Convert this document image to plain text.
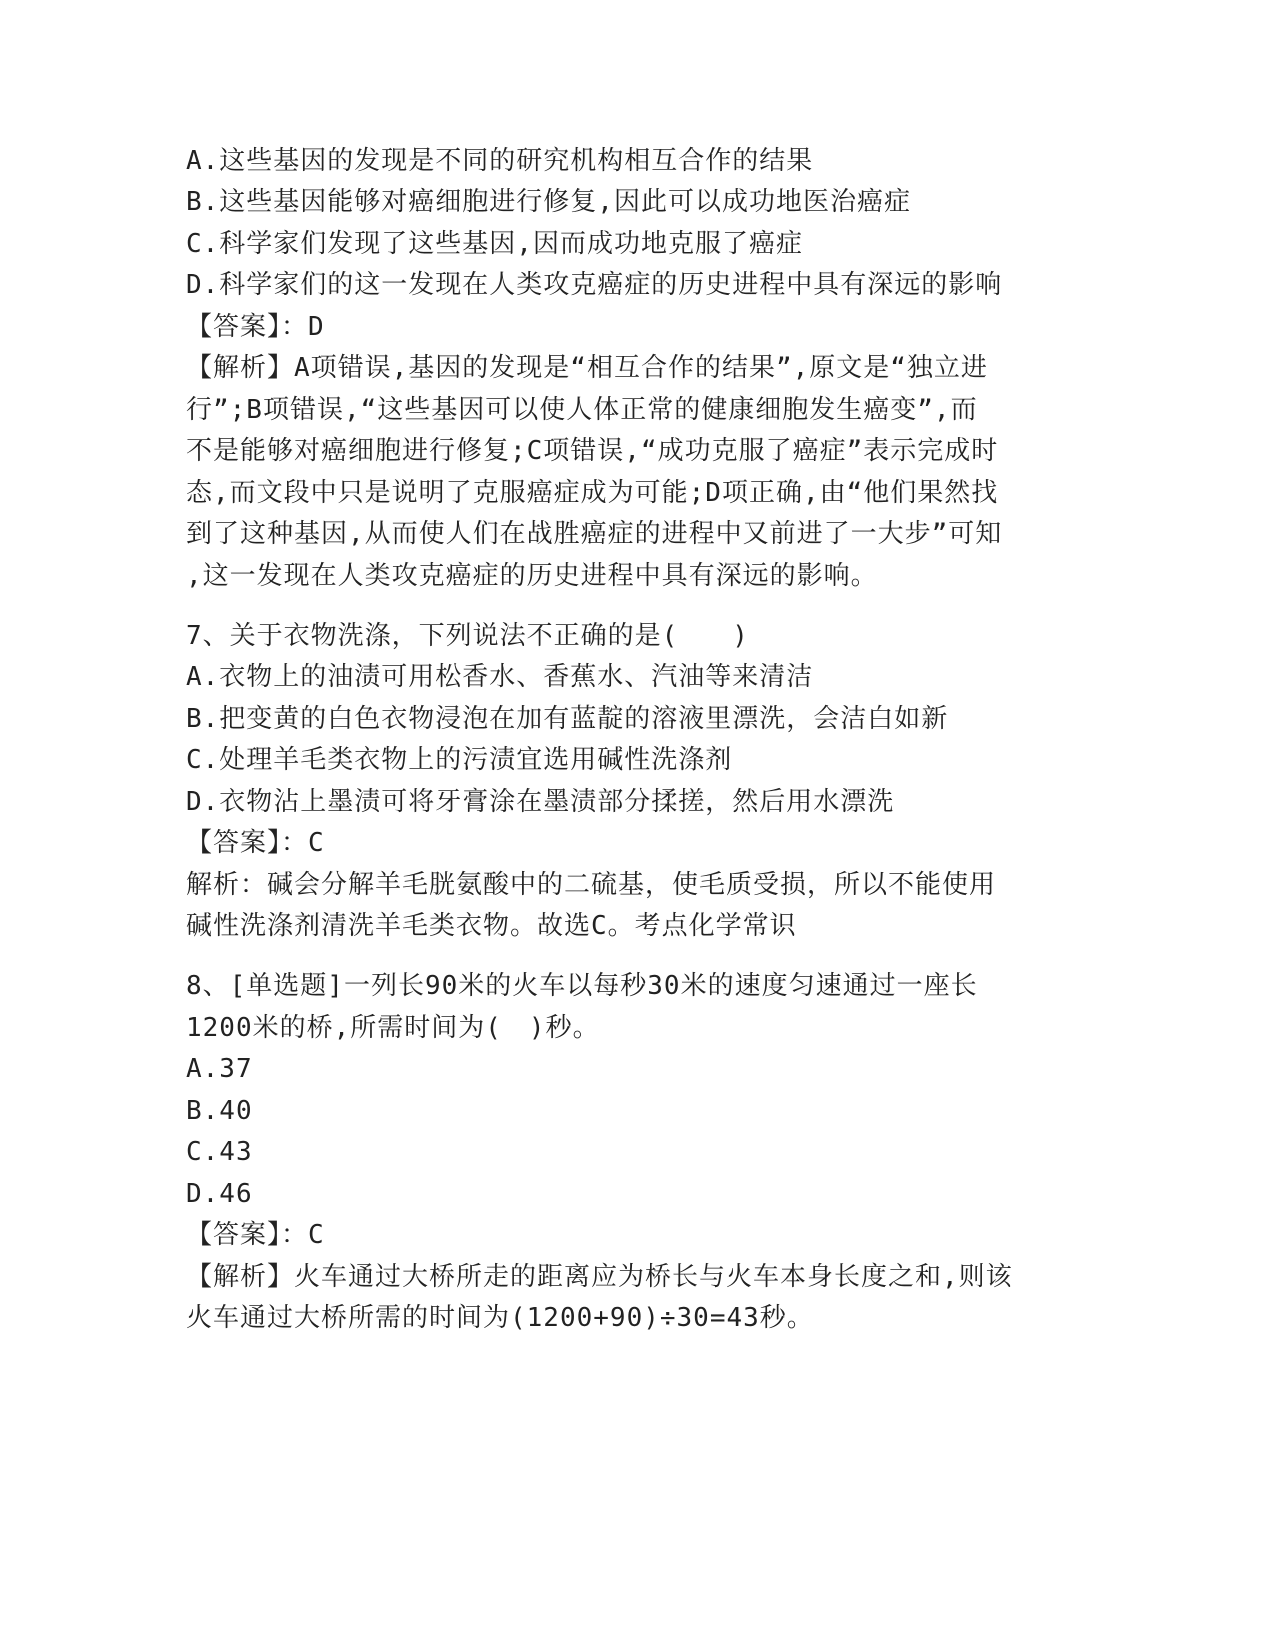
A.这些基因的发现是不同的研究机构相互合作的结果
B.这些基因能够对癌细胞进行修复,因此可以成功地医治癌症
C.科学家们发现了这些基因,因而成功地克服了癌症
D.科学家们的这一发现在人类攻克癌症的历史进程中具有深远的影响
【答案】：D
【解析】A项错误,基因的发现是“相互合作的结果”,原文是“独立进
行”;B项错误,“这些基因可以使人体正常的健康细胞发生癌变”,而
不是能够对癌细胞进行修复;C项错误,“成功克服了癌症”表示完成时
态,而文段中只是说明了克服癌症成为可能;D项正确,由“他们果然找
到了这种基因,从而使人们在战胜癌症的进程中又前进了一大步”可知
,这一发现在人类攻克癌症的历史进程中具有深远的影响。
7、关于衣物洗涤，下列说法不正确的是(　　)
A.衣物上的油渍可用松香水、香蕉水、汽油等来清洁
B.把变黄的白色衣物浸泡在加有蓝靛的溶液里漂洗，会洁白如新
C.处理羊毛类衣物上的污渍宜选用碱性洗涤剂
D.衣物沾上墨渍可将牙膏涂在墨渍部分揉搓，然后用水漂洗
【答案】：C
解析：碱会分解羊毛胱氨酸中的二硫基，使毛质受损，所以不能使用
碱性洗涤剂清洗羊毛类衣物。故选C。考点化学常识
8、[单选题]一列长90米的火车以每秒30米的速度匀速通过一座长
1200米的桥,所需时间为(　)秒。
A.37
B.40
C.43
D.46
【答案】：C
【解析】火车通过大桥所走的距离应为桥长与火车本身长度之和,则该
火车通过大桥所需的时间为(1200+90)÷30=43秒。
